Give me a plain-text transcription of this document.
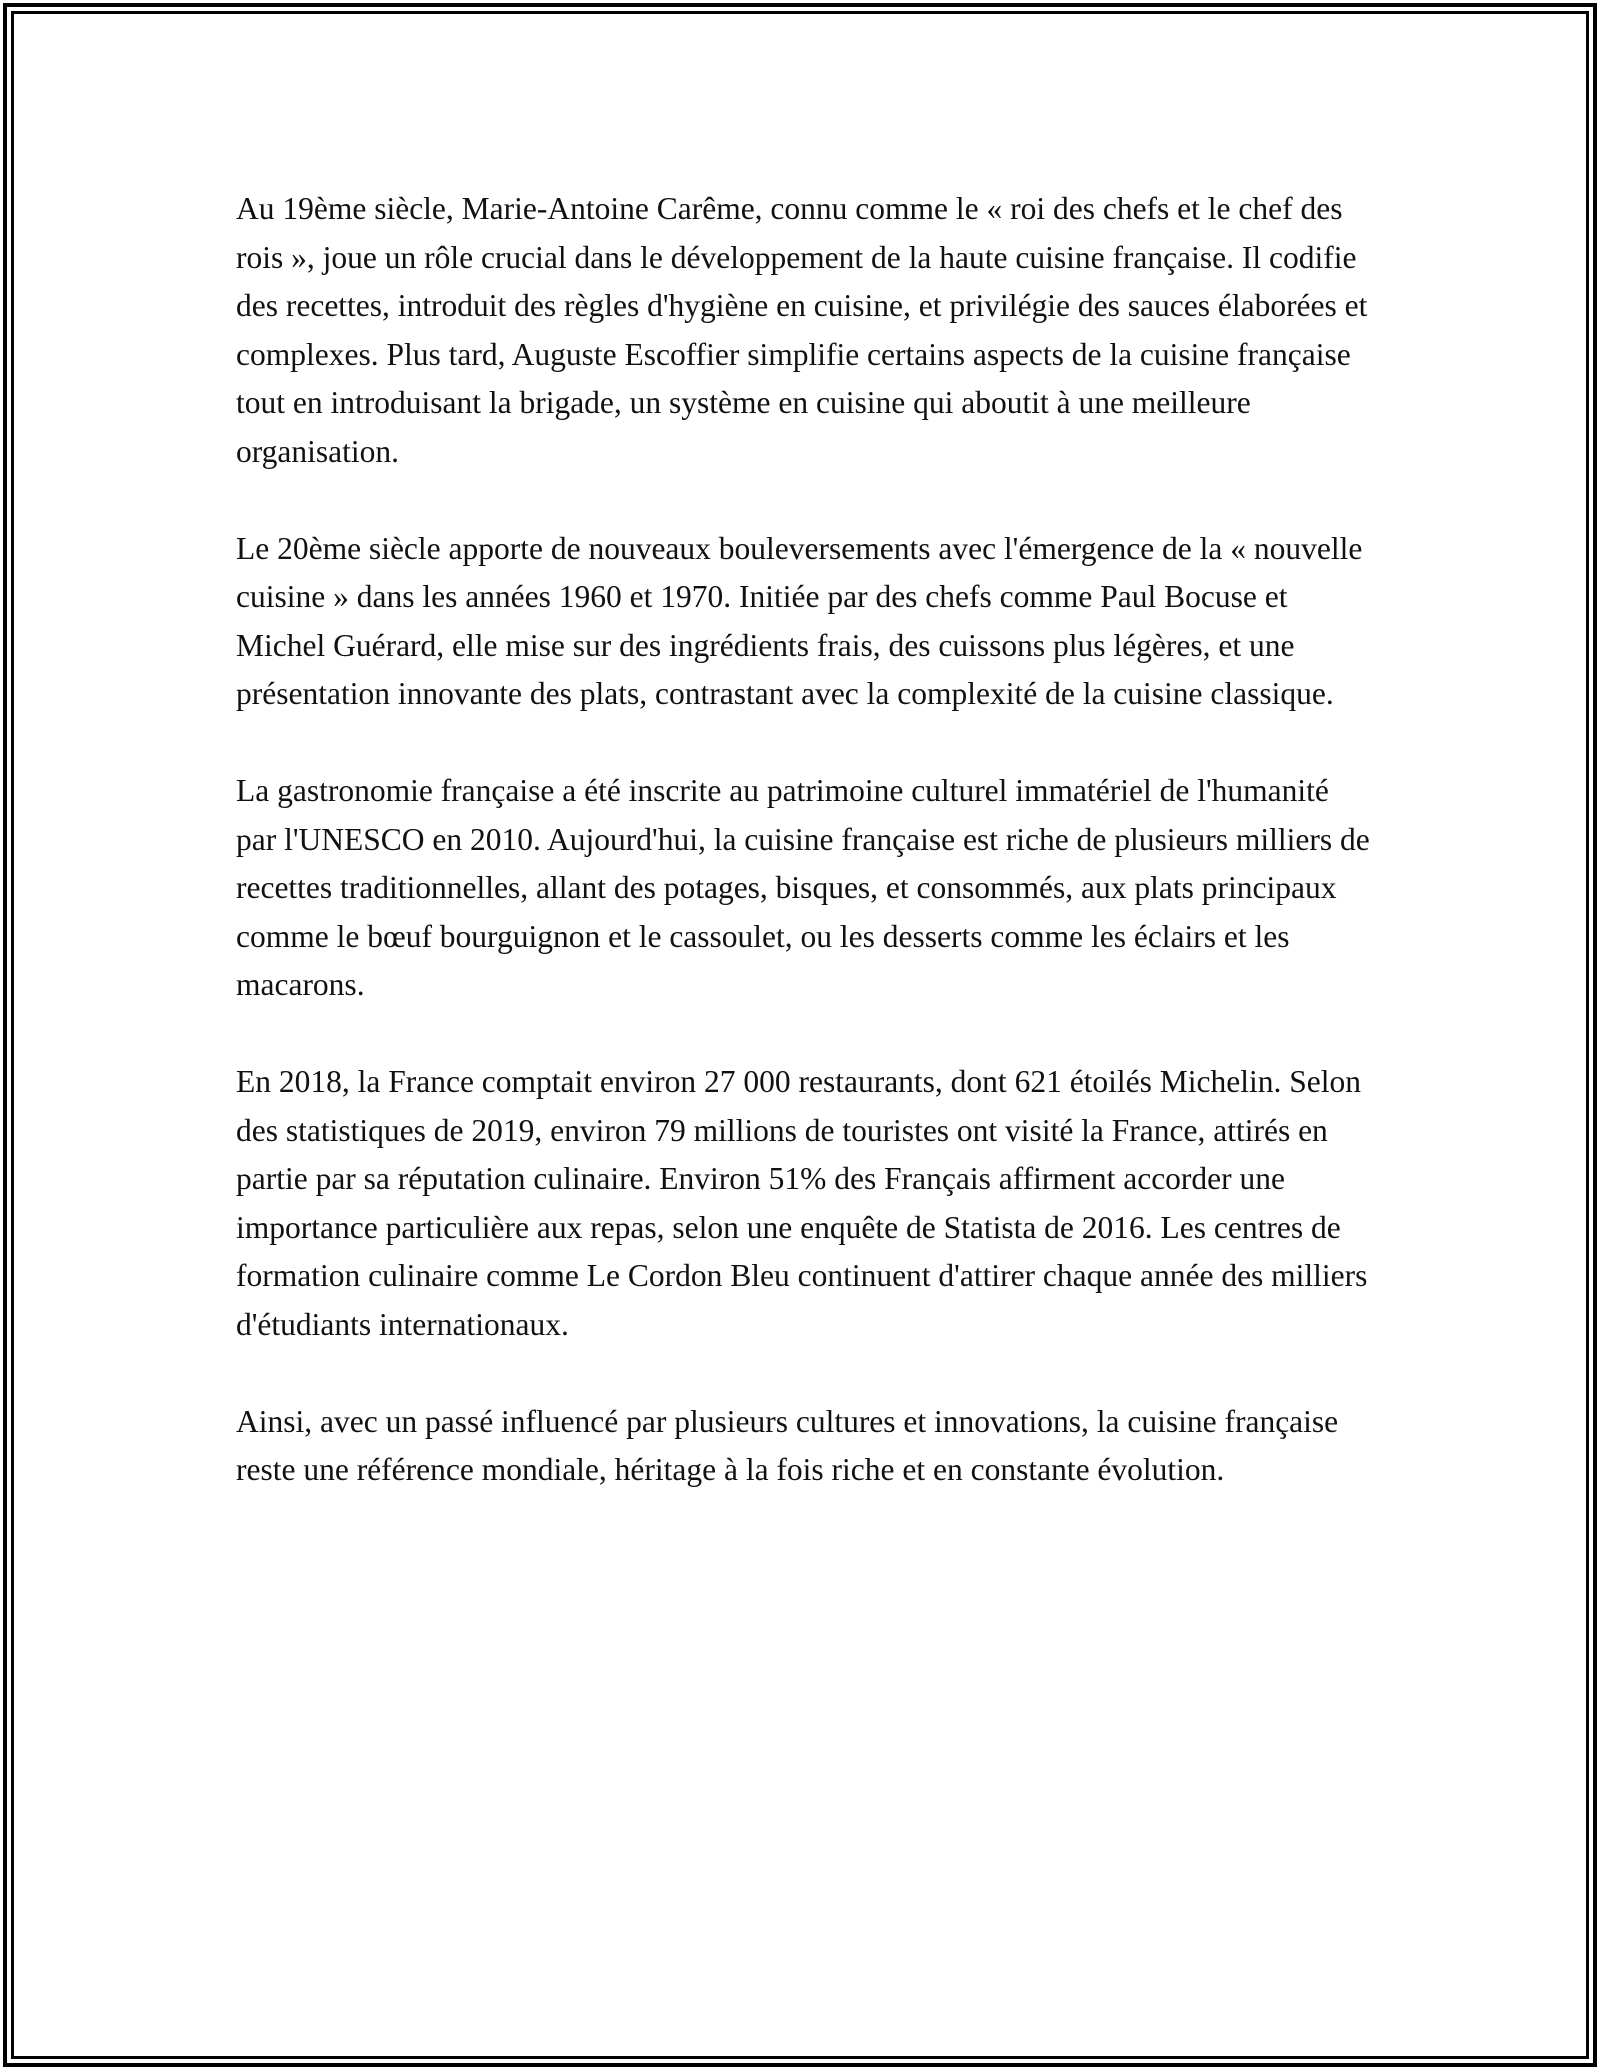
Au 19ème siècle, Marie-Antoine Carême, connu comme le « roi des chefs et le chef des rois », joue un rôle crucial dans le développement de la haute cuisine française. Il codifie des recettes, introduit des règles d'hygiène en cuisine, et privilégie des sauces élaborées et complexes. Plus tard, Auguste Escoffier simplifie certains aspects de la cuisine française tout en introduisant la brigade, un système en cuisine qui aboutit à une meilleure organisation.

Le 20ème siècle apporte de nouveaux bouleversements avec l'émergence de la « nouvelle cuisine » dans les années 1960 et 1970. Initiée par des chefs comme Paul Bocuse et Michel Guérard, elle mise sur des ingrédients frais, des cuissons plus légères, et une présentation innovante des plats, contrastant avec la complexité de la cuisine classique.

La gastronomie française a été inscrite au patrimoine culturel immatériel de l'humanité par l'UNESCO en 2010. Aujourd'hui, la cuisine française est riche de plusieurs milliers de recettes traditionnelles, allant des potages, bisques, et consommés, aux plats principaux comme le bœuf bourguignon et le cassoulet, ou les desserts comme les éclairs et les macarons.

En 2018, la France comptait environ 27 000 restaurants, dont 621 étoilés Michelin. Selon des statistiques de 2019, environ 79 millions de touristes ont visité la France, attirés en partie par sa réputation culinaire. Environ 51% des Français affirment accorder une importance particulière aux repas, selon une enquête de Statista de 2016. Les centres de formation culinaire comme Le Cordon Bleu continuent d'attirer chaque année des milliers d'étudiants internationaux.

Ainsi, avec un passé influencé par plusieurs cultures et innovations, la cuisine française reste une référence mondiale, héritage à la fois riche et en constante évolution.
